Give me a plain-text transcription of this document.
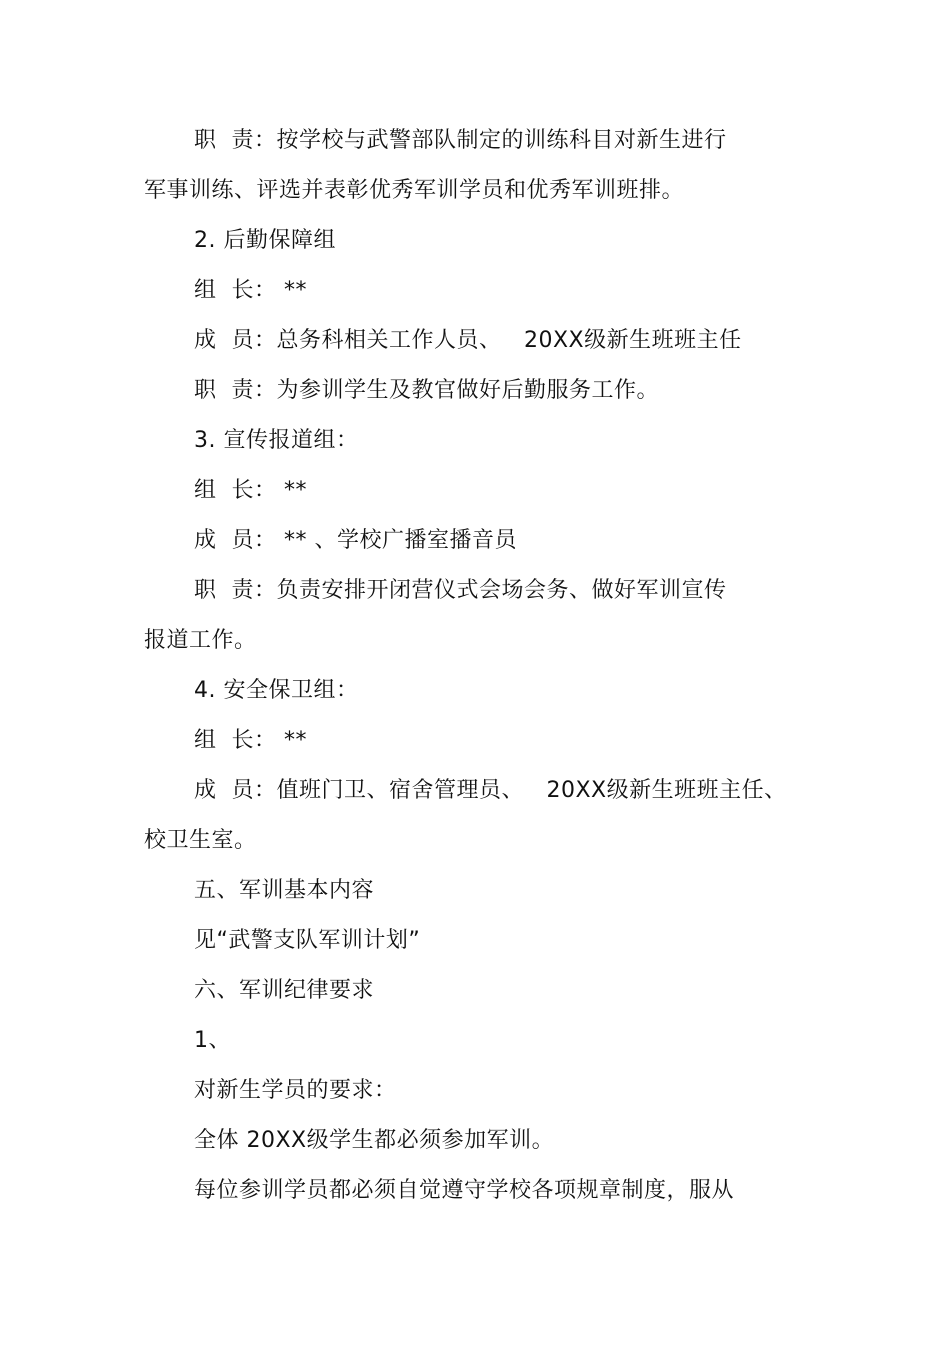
职  责：按学校与武警部队制定的训练科目对新生进行
军事训练、评选并表彰优秀军训学员和优秀军训班排。
2. 后勤保障组
组  长： **
成  员：总务科相关工作人员、   20XX级新生班班主任
职  责：为参训学生及教官做好后勤服务工作。
3. 宣传报道组：
组  长： **
成  员： ** 、学校广播室播音员
职  责：负责安排开闭营仪式会场会务、做好军训宣传
报道工作。
4. 安全保卫组：
组  长： **
成  员：值班门卫、宿舍管理员、   20XX级新生班班主任、
校卫生室。
五、军训基本内容
见“武警支队军训计划”
六、军训纪律要求
1、
对新生学员的要求：
全体 20XX级学生都必须参加军训。
每位参训学员都必须自觉遵守学校各项规章制度，服从
